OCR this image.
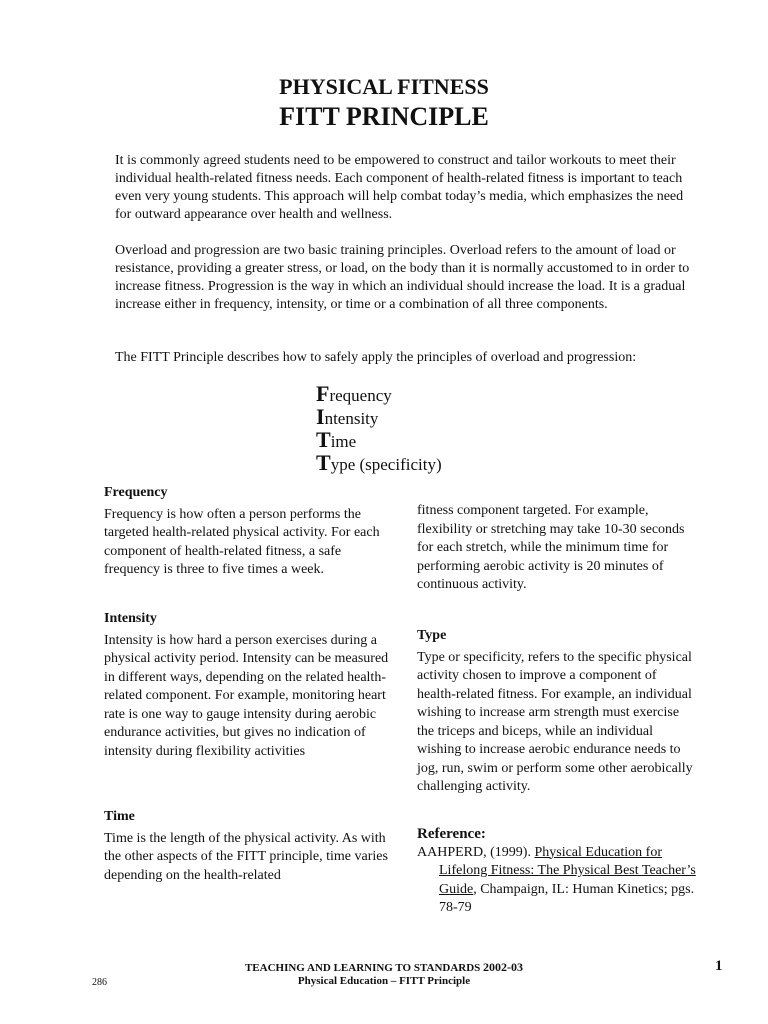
PHYSICAL FITNESS
FITT PRINCIPLE

It is commonly agreed students need to be empowered to construct and tailor workouts to meet their individual health-related fitness needs. Each component of health-related fitness is important to teach even very young students. This approach will help combat today’s media, which emphasizes the need for outward appearance over health and wellness.

Overload and progression are two basic training principles. Overload refers to the amount of load or resistance, providing a greater stress, or load, on the body than it is normally accustomed to in order to increase fitness. Progression is the way in which an individual should increase the load. It is a gradual increase either in frequency, intensity, or time or a combination of all three components.

The FITT Principle describes how to safely apply the principles of overload and progression:

Frequency
Intensity
Time
Type (specificity)
Frequency

Frequency is how often a person performs the targeted health-related physical activity. For each component of health-related fitness, a safe frequency is three to five times a week.

Intensity

Intensity is how hard a person exercises during a physical activity period. Intensity can be measured in different ways, depending on the related health-related component. For example, monitoring heart rate is one way to gauge intensity during aerobic endurance activities, but gives no indication of intensity during flexibility activities

Time

Time is the length of the physical activity. As with the other aspects of the FITT principle, time varies depending on the health-related

fitness component targeted. For example, flexibility or stretching may take 10-30 seconds for each stretch, while the minimum time for performing aerobic activity is 20 minutes of continuous activity.

Type

Type or specificity, refers to the specific physical activity chosen to improve a component of health-related fitness. For example, an individual wishing to increase arm strength must exercise the triceps and biceps, while an individual wishing to increase aerobic endurance needs to jog, run, swim or perform some other aerobically challenging activity.

Reference:

AAHPERD, (1999). Physical Education for Lifelong Fitness: The Physical Best Teacher’s Guide, Champaign, IL: Human Kinetics; pgs. 78-79

TEACHING AND LEARNING TO STANDARDS 2002-03
Physical Education – FITT Principle
286
1
